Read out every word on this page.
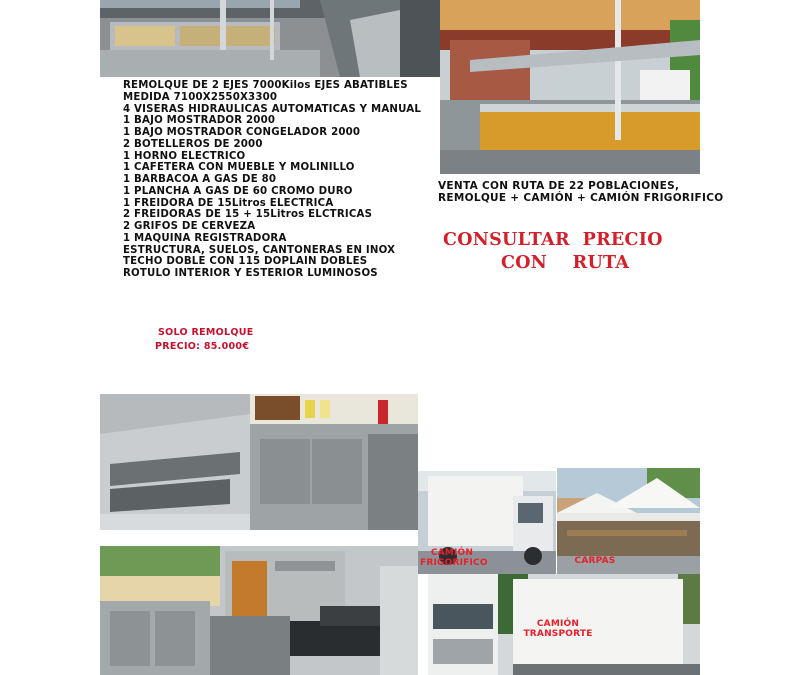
REMOLQUE DE 2 EJES 7000Kilos EJES ABATIBLES
MEDIDA 7100X2550X3300
4 VISERAS HIDRAULICAS AUTOMATICAS Y MANUAL
1 BAJO MOSTRADOR 2000
1 BAJO MOSTRADOR CONGELADOR 2000
2 BOTELLEROS DE 2000
1 HORNO ELECTRICO
1 CAFETERA CON MUEBLE Y MOLINILLO
1 BARBACOA A GAS DE 80
1 PLANCHA A GAS DE 60 CROMO DURO
1 FREIDORA DE 15Litros ELECTRICA
2 FREIDORAS DE 15 + 15Litros ELCTRICAS
2 GRIFOS DE CERVEZA
1 MAQUINA REGISTRADORA
ESTRUCTURA, SUELOS, CANTONERAS EN INOX
TECHO DOBLE CON 115 DOPLAIN DOBLES
ROTULO INTERIOR Y ESTERIOR LUMINOSOS
VENTA CON RUTA DE 22 POBLACIONES,
REMOLQUE + CAMIÓN + CAMIÓN FRIGORIFICO
CONSULTAR  PRECIO
CON    RUTA
SOLO REMOLQUE
PRECIO: 85.000€
CAMIÓN
FRIGORIFICO	CARPAS
CAMIÓN
TRANSPORTE
